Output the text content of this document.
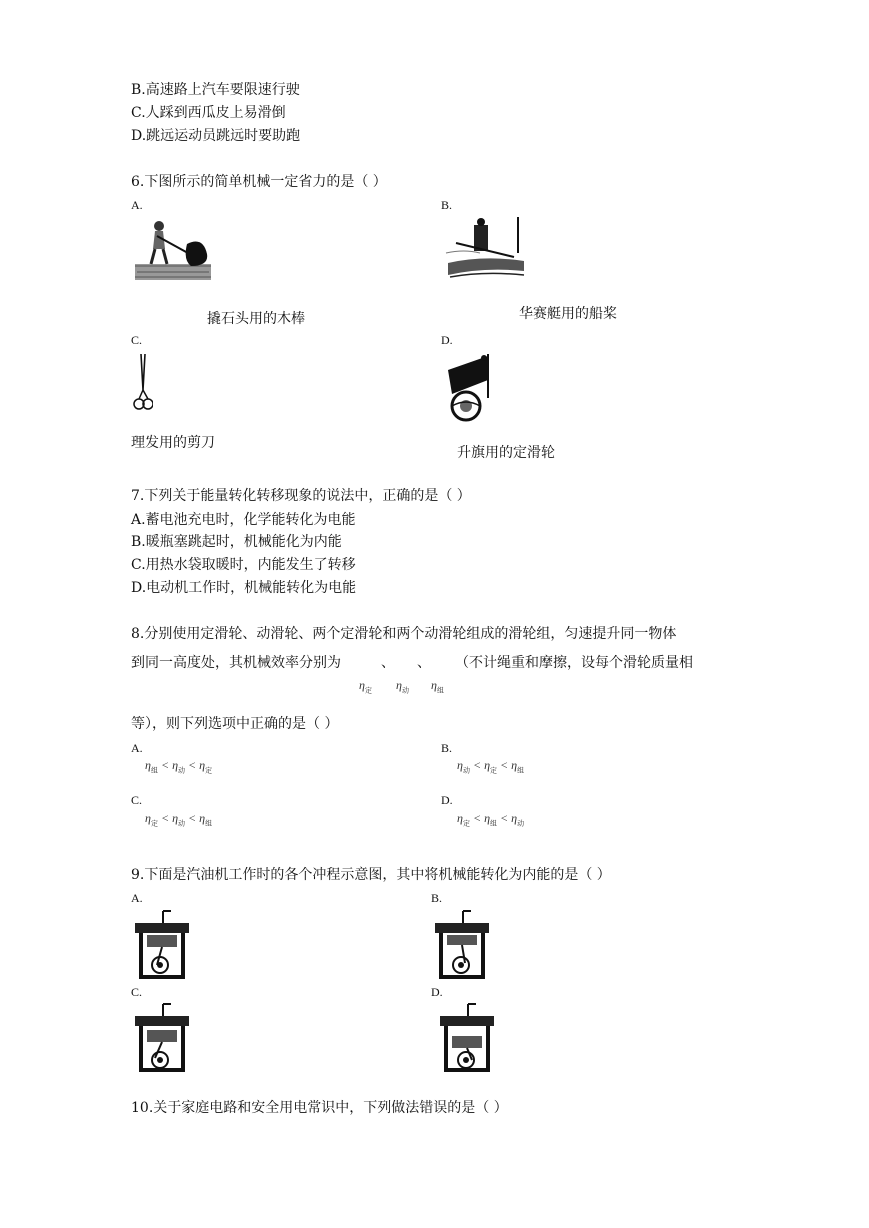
B.高速路上汽车要限速行驶
C.人踩到西瓜皮上易滑倒
D.跳远运动员跳远时要助跑
6.下图所示的简单机械一定省力的是（ ）
A.	B.
撬石头用的木棒	华赛艇用的船桨
C.	D.
理发用的剪刀
升旗用的定滑轮
7.下列关于能量转化转移现象的说法中，正确的是（ ）
A.蓄电池充电时，化学能转化为电能
B.暖瓶塞跳起时，机械能化为内能
C.用热水袋取暖时，内能发生了转移
D.电动机工作时，机械能转化为电能
8.分别使用定滑轮、动滑轮、两个定滑轮和两个动滑轮组成的滑轮组，匀速提升同一物体
到同一高度处，其机械效率分别为	、 、 （不计绳重和摩擦，设每个滑轮质量相
$\eta_定$ $\eta_动$ $\eta_组$
等），则下列选项中正确的是（ ）
A.	B.
$\eta_组 < \eta_动 < \eta_定$	$\eta_动 < \eta_定 < \eta_组$
C.	D.
$\eta_定 < \eta_动 < \eta_组$	$\eta_定 < \eta_组 < \eta_动$
9.下面是汽油机工作时的各个冲程示意图，其中将机械能转化为内能的是（ ）
A.	B.
C.	D.
10.关于家庭电路和安全用电常识中，下列做法错误的是（ ）
